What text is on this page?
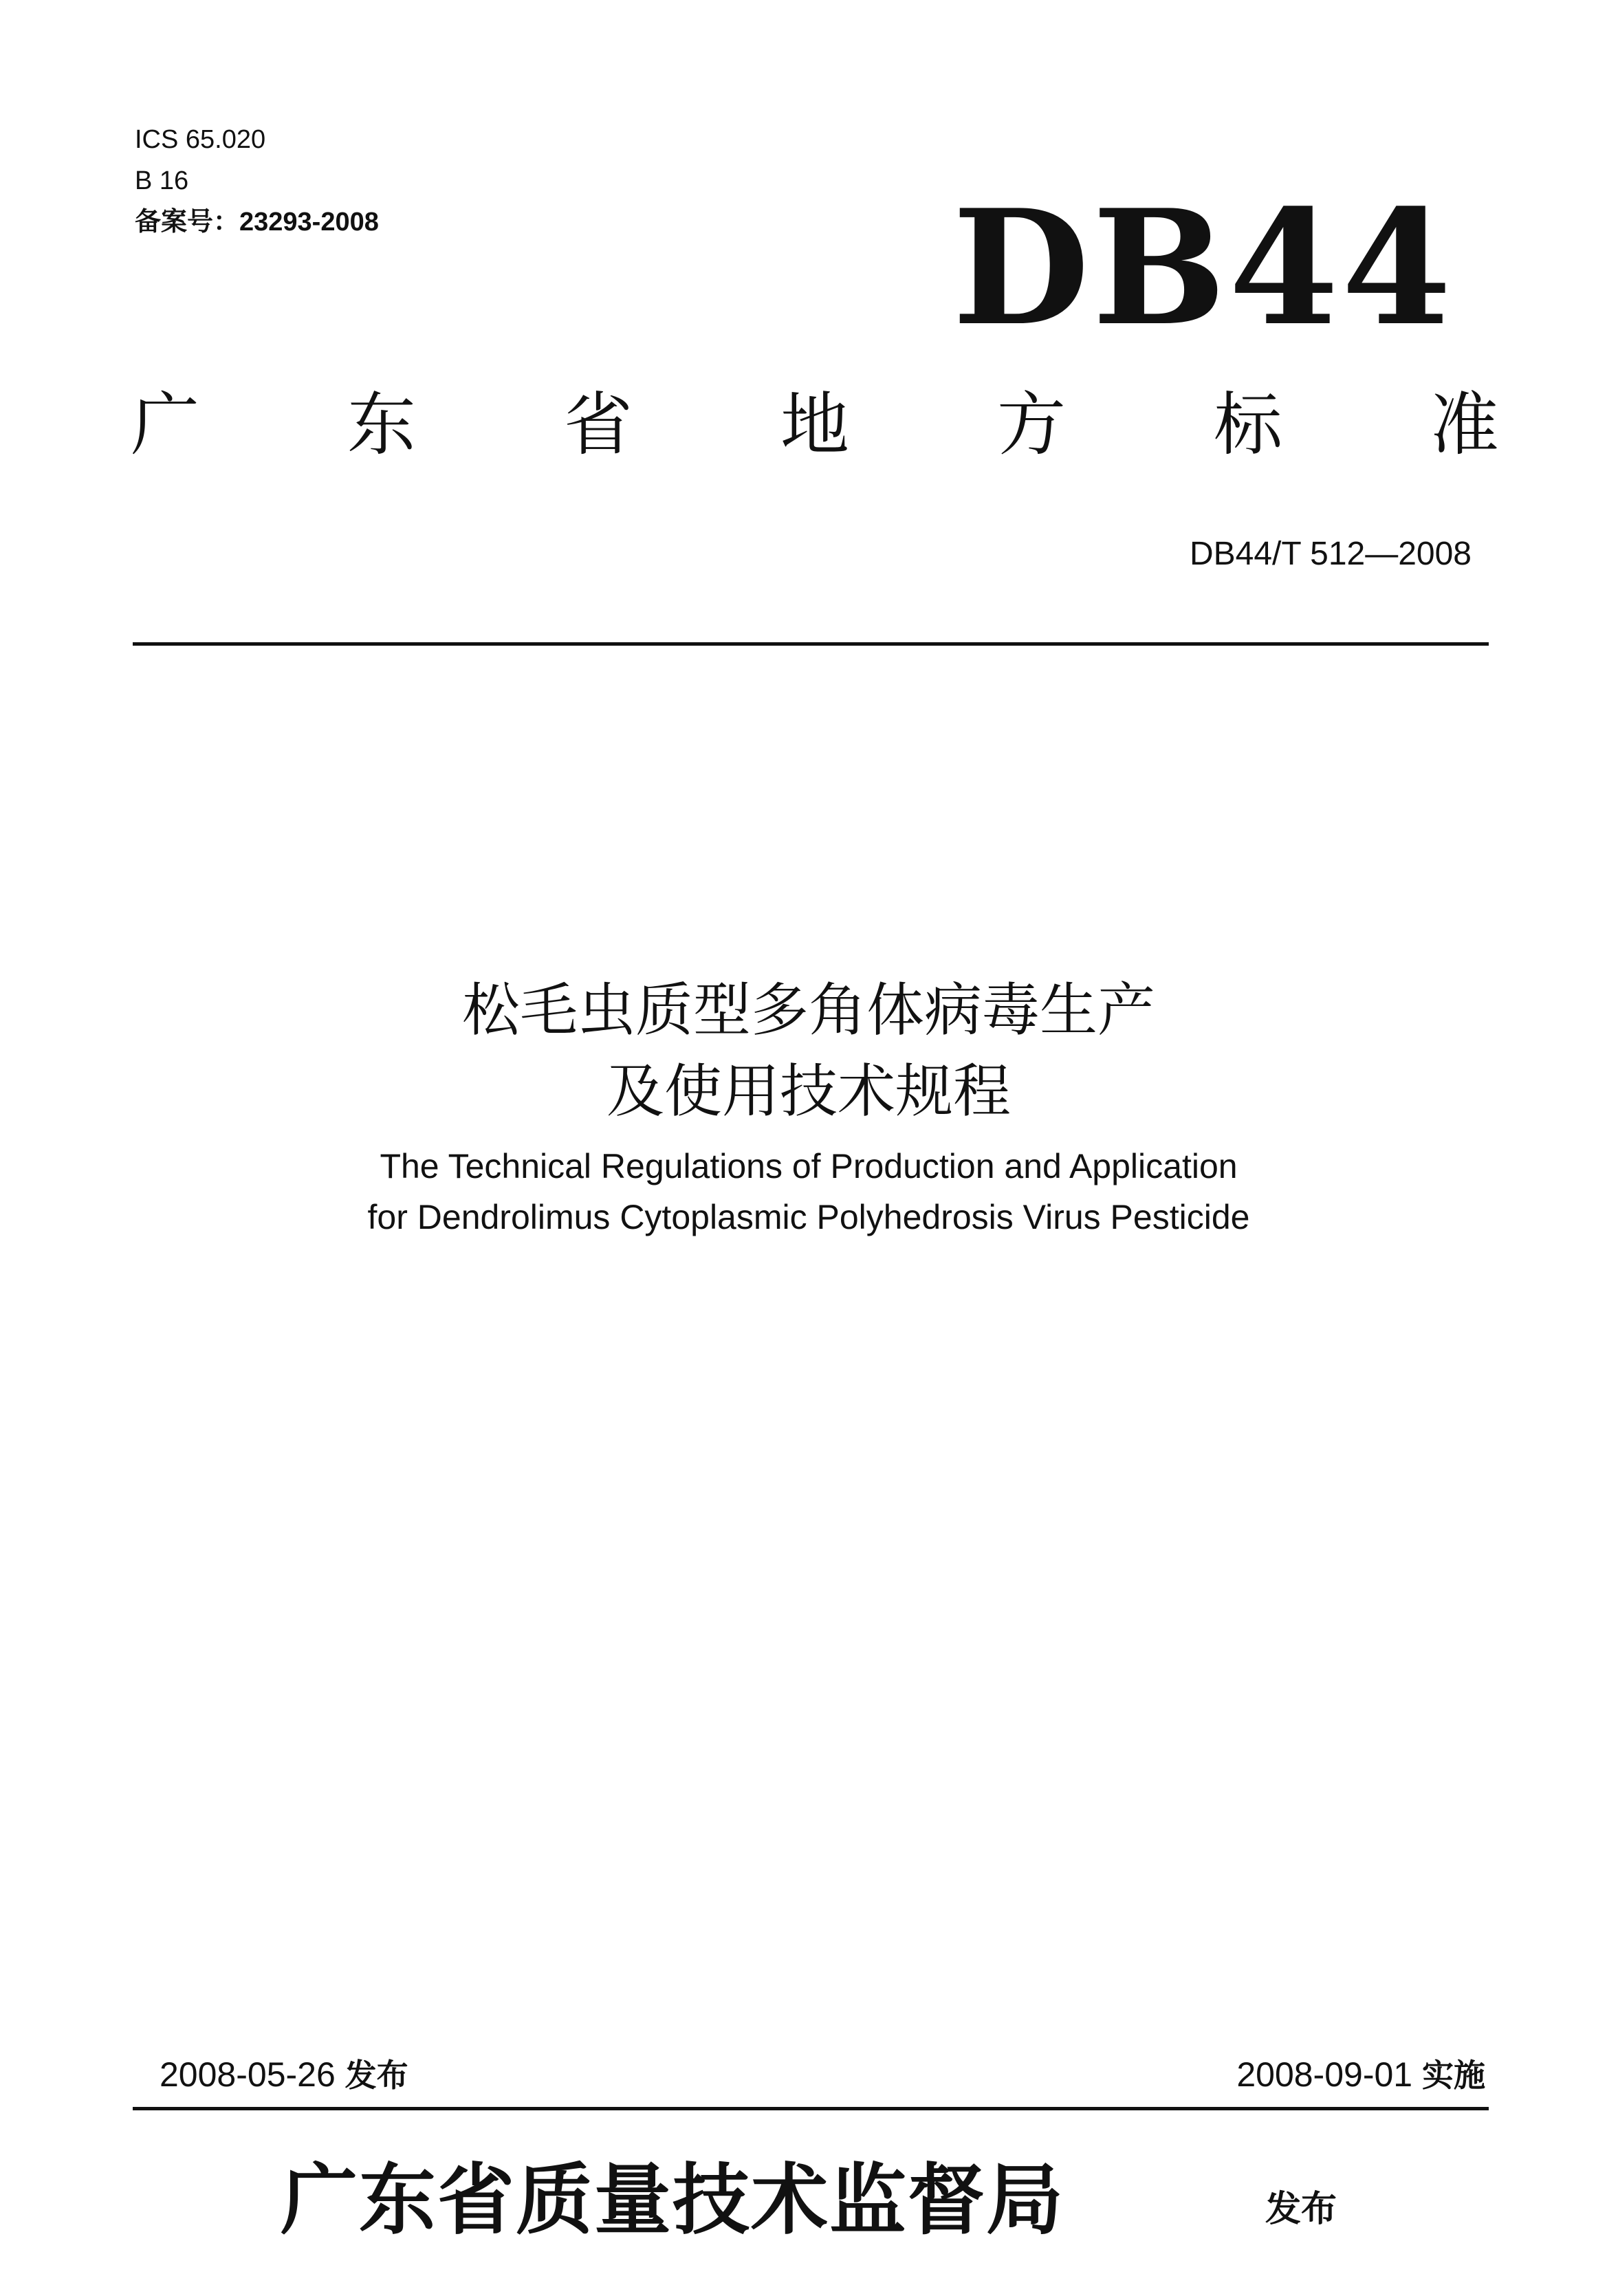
ICS 65.020
B 16
备案号：23293-2008	DB44
广 东 省 地 方 标 准
DB44/T 512—2008
松毛虫质型多角体病毒生产
及使用技术规程
The Technical Regulations of Production and Application
for Dendrolimus Cytoplasmic Polyhedrosis Virus Pesticide
2008-05-26 发布	2008-09-01 实施
广东省质量技术监督局	发布
